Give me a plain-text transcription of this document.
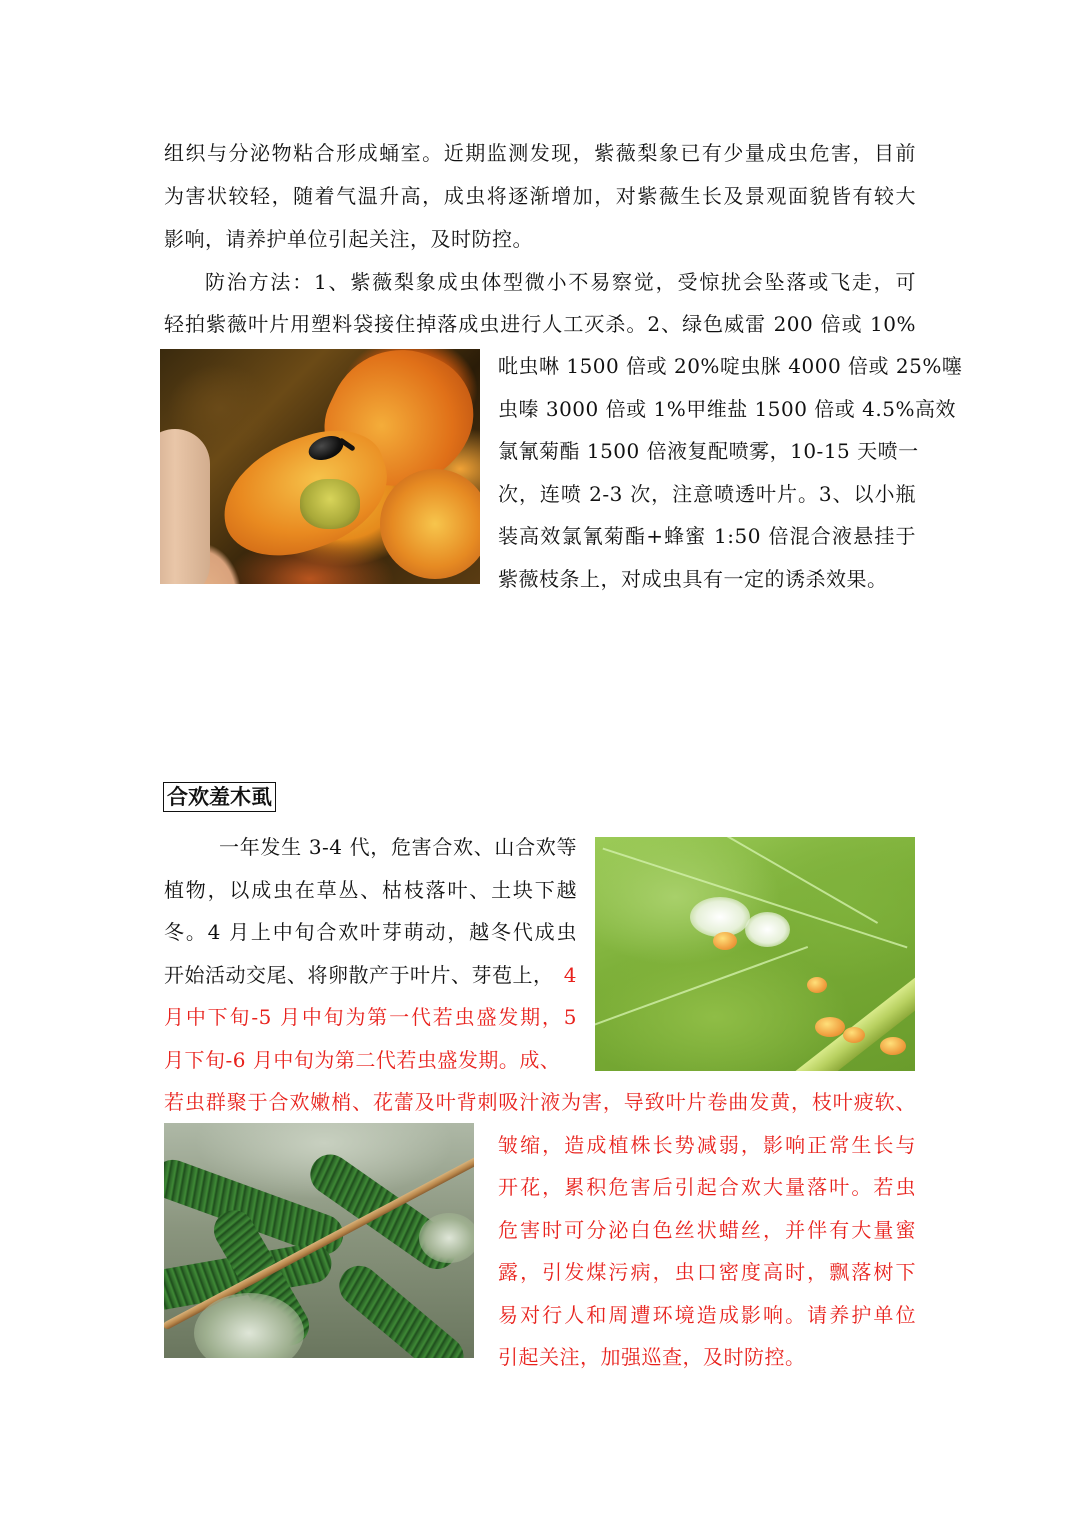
组织与分泌物粘合形成蛹室。近期监测发现，紫薇梨象已有少量成虫危害，目前
为害状较轻，随着气温升高，成虫将逐渐增加，对紫薇生长及景观面貌皆有较大
影响，请养护单位引起关注，及时防控。
防治方法：1、紫薇梨象成虫体型微小不易察觉，受惊扰会坠落或飞走，可
轻拍紫薇叶片用塑料袋接住掉落成虫进行人工灭杀。2、绿色威雷 200 倍或 10%
吡虫啉 1500 倍或 20%啶虫脒 4000 倍或 25%噻
虫嗪 3000 倍或 1%甲维盐 1500 倍或 4.5%高效
氯氰菊酯 1500 倍液复配喷雾，10-15 天喷一
次，连喷 2-3 次，注意喷透叶片。3、以小瓶
装高效氯氰菊酯+蜂蜜 1:50 倍混合液悬挂于
紫薇枝条上，对成虫具有一定的诱杀效果。
合欢羞木虱
一年发生 3-4 代，危害合欢、山合欢等
植物，以成虫在草丛、枯枝落叶、土块下越
冬。4 月上中旬合欢叶芽萌动，越冬代成虫
开始活动交尾、将卵散产于叶片、芽苞上， 4
月中下旬-5 月中旬为第一代若虫盛发期，5
月下旬-6 月中旬为第二代若虫盛发期。成、
若虫群聚于合欢嫩梢、花蕾及叶背刺吸汁液为害，导致叶片卷曲发黄，枝叶疲软、
皱缩，造成植株长势减弱，影响正常生长与
开花，累积危害后引起合欢大量落叶。若虫
危害时可分泌白色丝状蜡丝，并伴有大量蜜
露，引发煤污病，虫口密度高时，飘落树下
易对行人和周遭环境造成影响。请养护单位
引起关注，加强巡查，及时防控。
